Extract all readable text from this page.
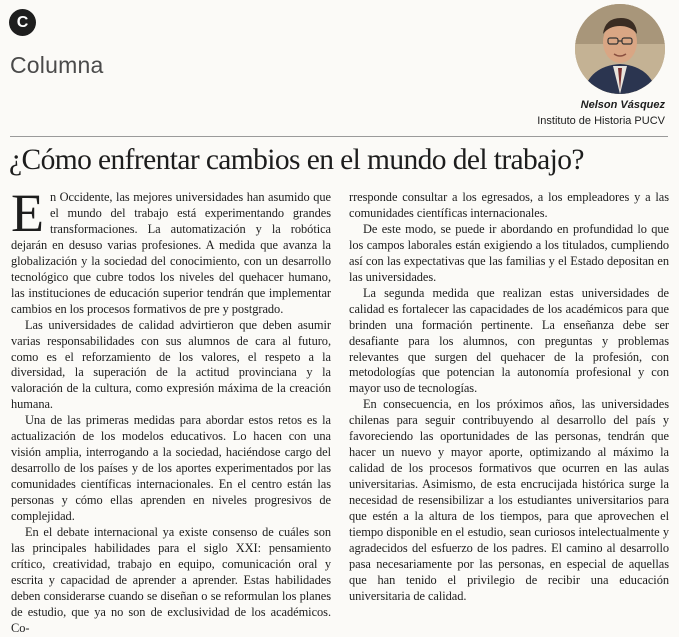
C
Columna
Nelson Vásquez
Instituto de Historia PUCV
¿Cómo enfrentar cambios en el mundo del trabajo?

En Occidente, las mejores universidades han asumido que el mundo del trabajo está experimentando grandes transformaciones. La automatización y la robótica dejarán en desuso varias profesiones. A medida que avanza la globalización y la sociedad del conocimiento, con un desarrollo tecnológico que cubre todos los niveles del quehacer humano, las instituciones de educación superior tendrán que implementar cambios en los procesos formativos de pre y postgrado.

Las universidades de calidad advirtieron que deben asumir varias responsabilidades con sus alumnos de cara al futuro, como es el reforzamiento de los valores, el respeto a la diversidad, la superación de la actitud provinciana y la valoración de la cultura, como expresión máxima de la creación humana.

Una de las primeras medidas para abordar estos retos es la actualización de los modelos educativos. Lo hacen con una visión amplia, interrogando a la sociedad, haciéndose cargo del desarrollo de los países y de los aportes experimentados por las comunidades científicas internacionales. En el centro están las personas y cómo ellas aprenden en niveles progresivos de complejidad.

En el debate internacional ya existe consenso de cuáles son las principales habilidades para el siglo XXI: pensamiento crítico, creatividad, trabajo en equipo, comunicación oral y escrita y capacidad de aprender a aprender. Estas habilidades deben considerarse cuando se diseñan o se reformulan los planes de estudio, que ya no son de exclusividad de los académicos. Co-

rresponde consultar a los egresados, a los empleadores y a las comunidades científicas internacionales.

De este modo, se puede ir abordando en profundidad lo que los campos laborales están exigiendo a los titulados, cumpliendo así con las expectativas que las familias y el Estado depositan en las universidades.

La segunda medida que realizan estas universidades de calidad es fortalecer las capacidades de los académicos para que brinden una formación pertinente. La enseñanza debe ser desafiante para los alumnos, con preguntas y problemas relevantes que surgen del quehacer de la profesión, con metodologías que potencian la autonomía profesional y con mayor uso de tecnologías.

En consecuencia, en los próximos años, las universidades chilenas para seguir contribuyendo al desarrollo del país y favoreciendo las oportunidades de las personas, tendrán que hacer un nuevo y mayor aporte, optimizando al máximo la calidad de los procesos formativos que ocurren en las aulas universitarias. Asimismo, de esta encrucijada histórica surge la necesidad de resensibilizar a los estudiantes universitarios para que estén a la altura de los tiempos, para que aprovechen el tiempo disponible en el estudio, sean curiosos intelectualmente y agradecidos del esfuerzo de los padres. El camino al desarrollo pasa necesariamente por las personas, en especial de aquellas que han tenido el privilegio de recibir una educación universitaria de calidad.
